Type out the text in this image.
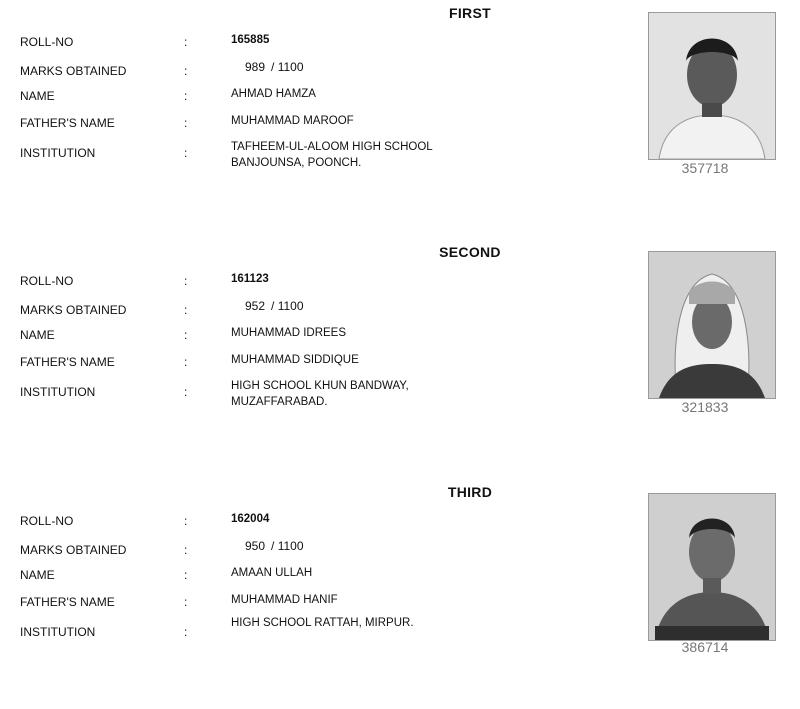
FIRST
ROLL-NO	:	165885
MARKS OBTAINED	:	989 / 1100
NAME	:	AHMAD HAMZA
FATHER'S NAME	:	MUHAMMAD MAROOF
INSTITUTION	:	TAFHEEM-UL-ALOOM HIGH SCHOOL
BANJOUNSA, POONCH.	357718
SECOND
ROLL-NO	:	161123
MARKS OBTAINED	:	952 / 1100
NAME	:	MUHAMMAD IDREES
FATHER'S NAME	:	MUHAMMAD SIDDIQUE
INSTITUTION	:	HIGH SCHOOL KHUN BANDWAY,
MUZAFFARABAD.	321833
THIRD
ROLL-NO	:	162004
MARKS OBTAINED	:	950 / 1100
NAME	:	AMAAN ULLAH
FATHER'S NAME	:	MUHAMMAD HANIF
INSTITUTION	:
HIGH SCHOOL RATTAH, MIRPUR.
386714
